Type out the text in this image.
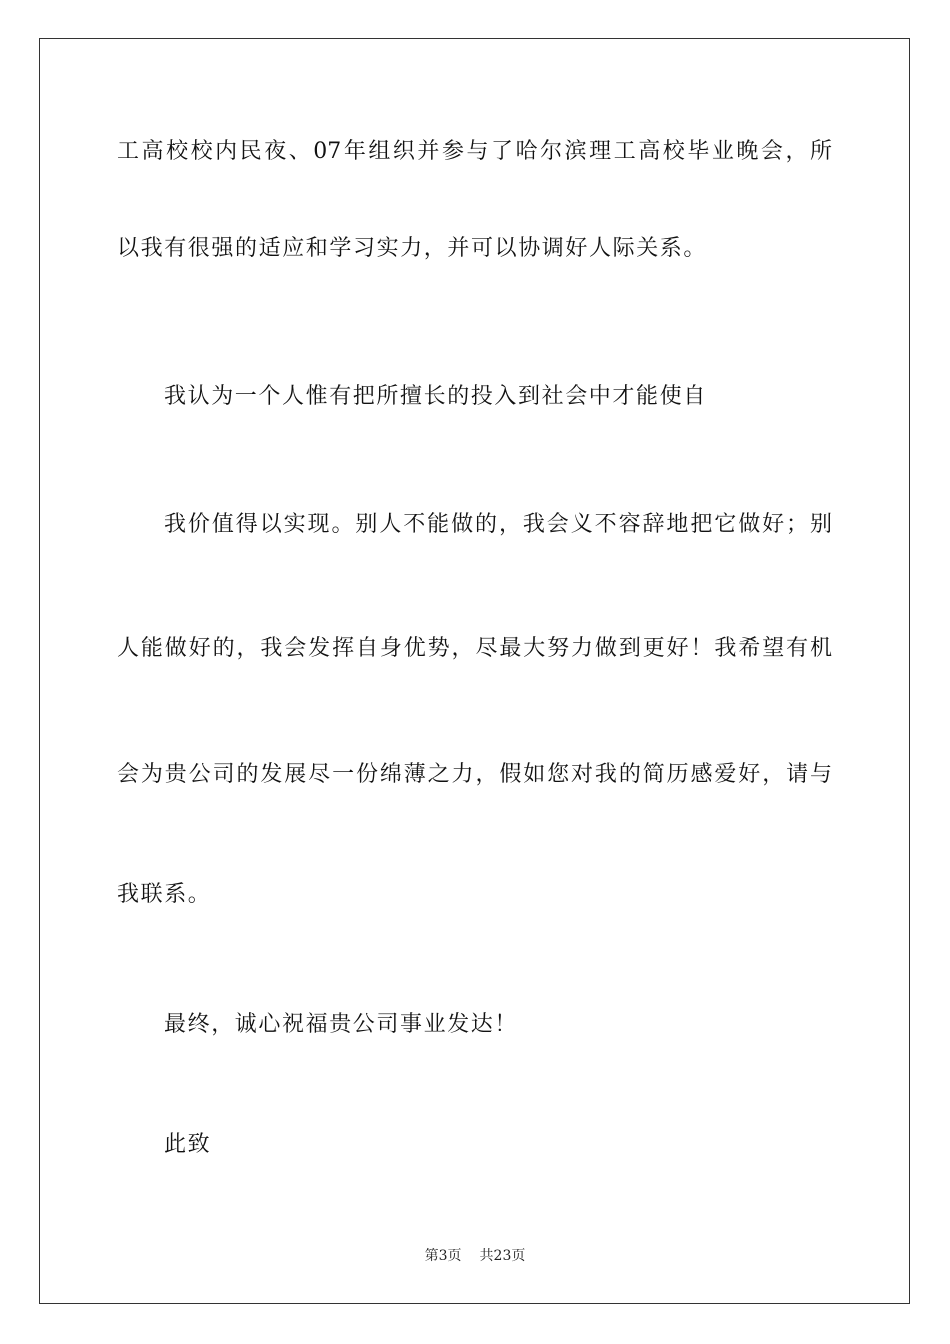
工高校校内民夜、07年组织并参与了哈尔滨理工高校毕业晚会，所
以我有很强的适应和学习实力，并可以协调好人际关系。
我认为一个人惟有把所擅长的投入到社会中才能使自
我价值得以实现。别人不能做的，我会义不容辞地把它做好；别
人能做好的，我会发挥自身优势，尽最大努力做到更好！我希望有机
会为贵公司的发展尽一份绵薄之力，假如您对我的简历感爱好，请与
我联系。
最终，诚心祝福贵公司事业发达！
此致
第3页 共23页
